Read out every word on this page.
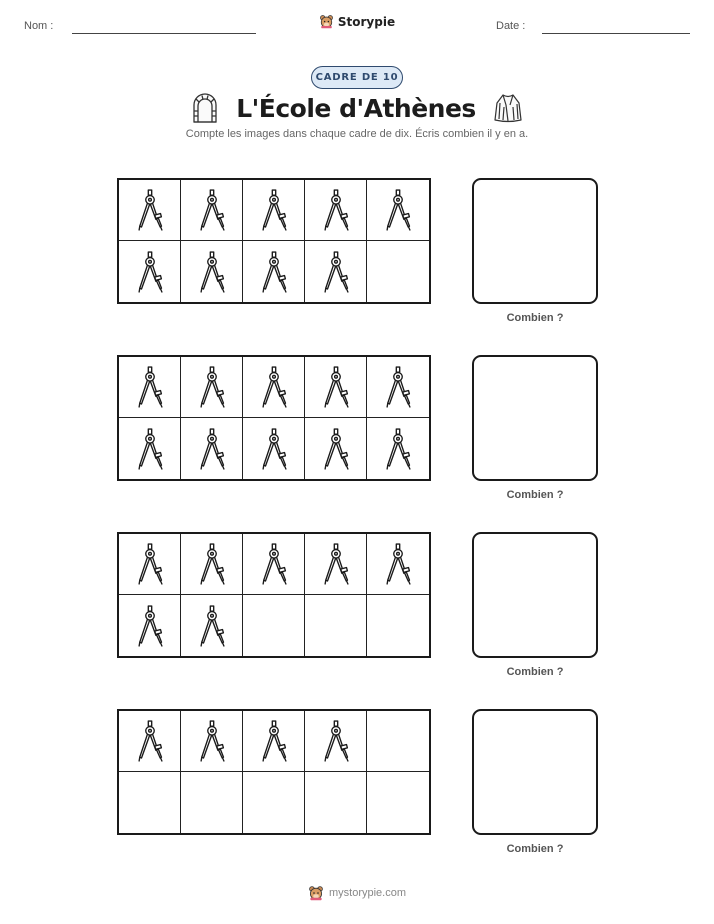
Nom :	Storypie	Date :
CADRE DE 10
L'École d'Athènes
Compte les images dans chaque cadre de dix. Écris combien il y en a.
Combien ?
Combien ?
Combien ?
Combien ?
mystorypie.com
